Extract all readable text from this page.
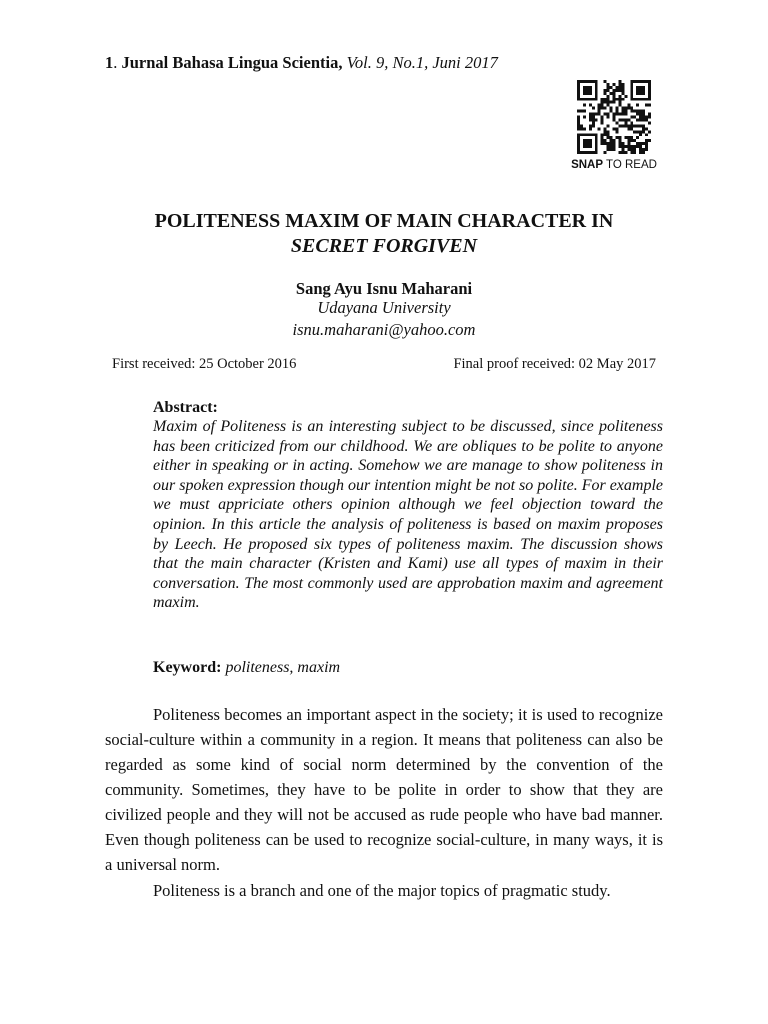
1. Jurnal Bahasa Lingua Scientia, Vol. 9, No.1, Juni 2017
SNAP TO READ
POLITENESS MAXIM OF MAIN CHARACTER IN
SECRET FORGIVEN
Sang Ayu Isnu Maharani
Udayana University
isnu.maharani@yahoo.com
First received: 25 October 2016	Final proof received: 02 May 2017
Abstract:
Maxim of Politeness is an interesting subject to be discussed, since politeness has been criticized from our childhood. We are obliques to be polite to anyone either in speaking or in acting. Somehow we are manage to show politeness in our spoken expression though our intention might be not so polite. For example we must appriciate others opinion although we feel objection toward the opinion. In this article the analysis of politeness is based on maxim proposes by Leech. He proposed six types of politeness maxim. The discussion shows that the main character (Kristen and Kami) use all types of maxim in their conversation. The most commonly used are approbation maxim and agreement maxim.
Keyword: politeness, maxim

Politeness becomes an important aspect in the society; it is used to recognize social-culture within a community in a region. It means that politeness can also be regarded as some kind of social norm determined by the convention of the community. Sometimes, they have to be polite in order to show that they are civilized people and they will not be accused as rude people who have bad manner. Even though politeness can be used to recognize social-culture, in many ways, it is a universal norm.

Politeness is a branch and one of the major topics of pragmatic study.
